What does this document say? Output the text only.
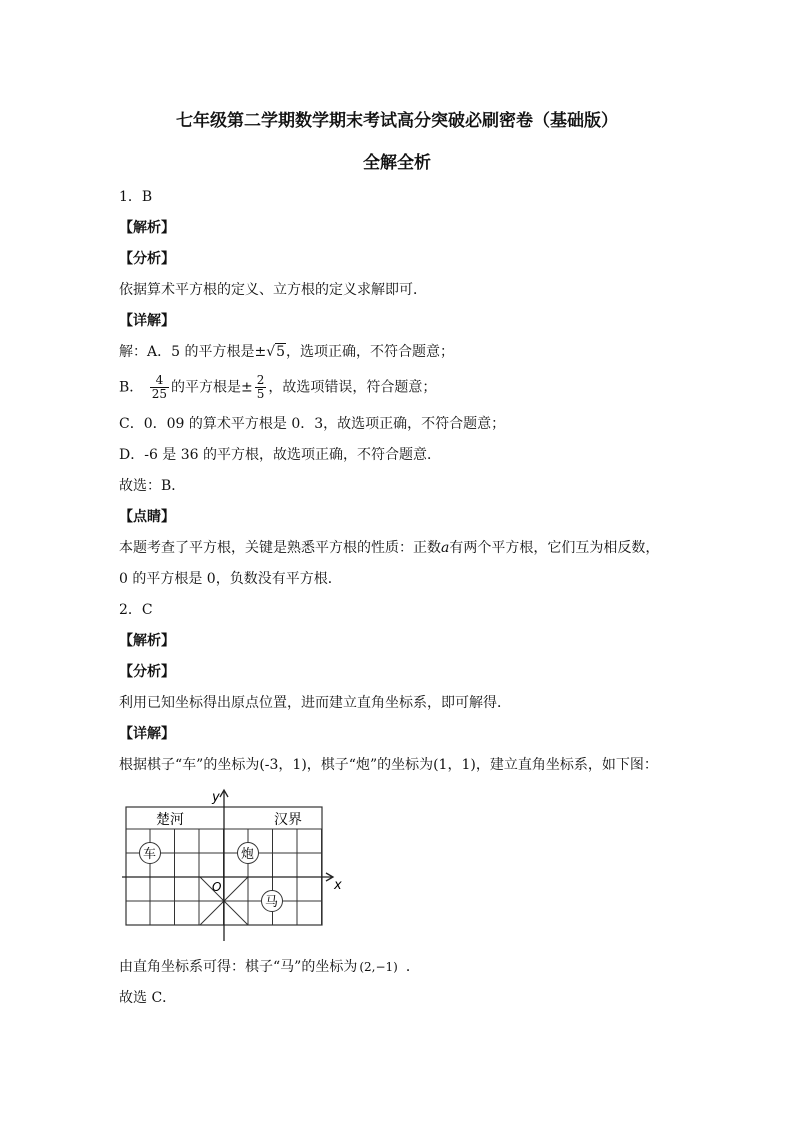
七年级第二学期数学期末考试高分突破必刷密卷（基础版）
全解全析
1．B
【解析】
【分析】
依据算术平方根的定义、立方根的定义求解即可．
【详解】
解：A．5 的平方根是±√5，选项正确，不符合题意；
B． $\frac{4}{25}$ 的平方根是± $\frac{2}{5}$ ，故选项错误，符合题意；
C．0．09 的算术平方根是 0．3，故选项正确，不符合题意；
D．-6 是 36 的平方根，故选项正确，不符合题意．
故选：B．
【点睛】
本题考查了平方根，关键是熟悉平方根的性质：正数a有两个平方根，它们互为相反数，
0 的平方根是 0，负数没有平方根．
2．C
【解析】
【分析】
利用已知坐标得出原点位置，进而建立直角坐标系，即可解得．
【详解】
根据棋子“车”的坐标为(-3，1)，棋子“炮”的坐标为(1，1)，建立直角坐标系，如下图：
x
y
O
楚河	汉界
车	炮
马
由直角坐标系可得：棋子“马”的坐标为 (2,−1) ．
故选 C．
